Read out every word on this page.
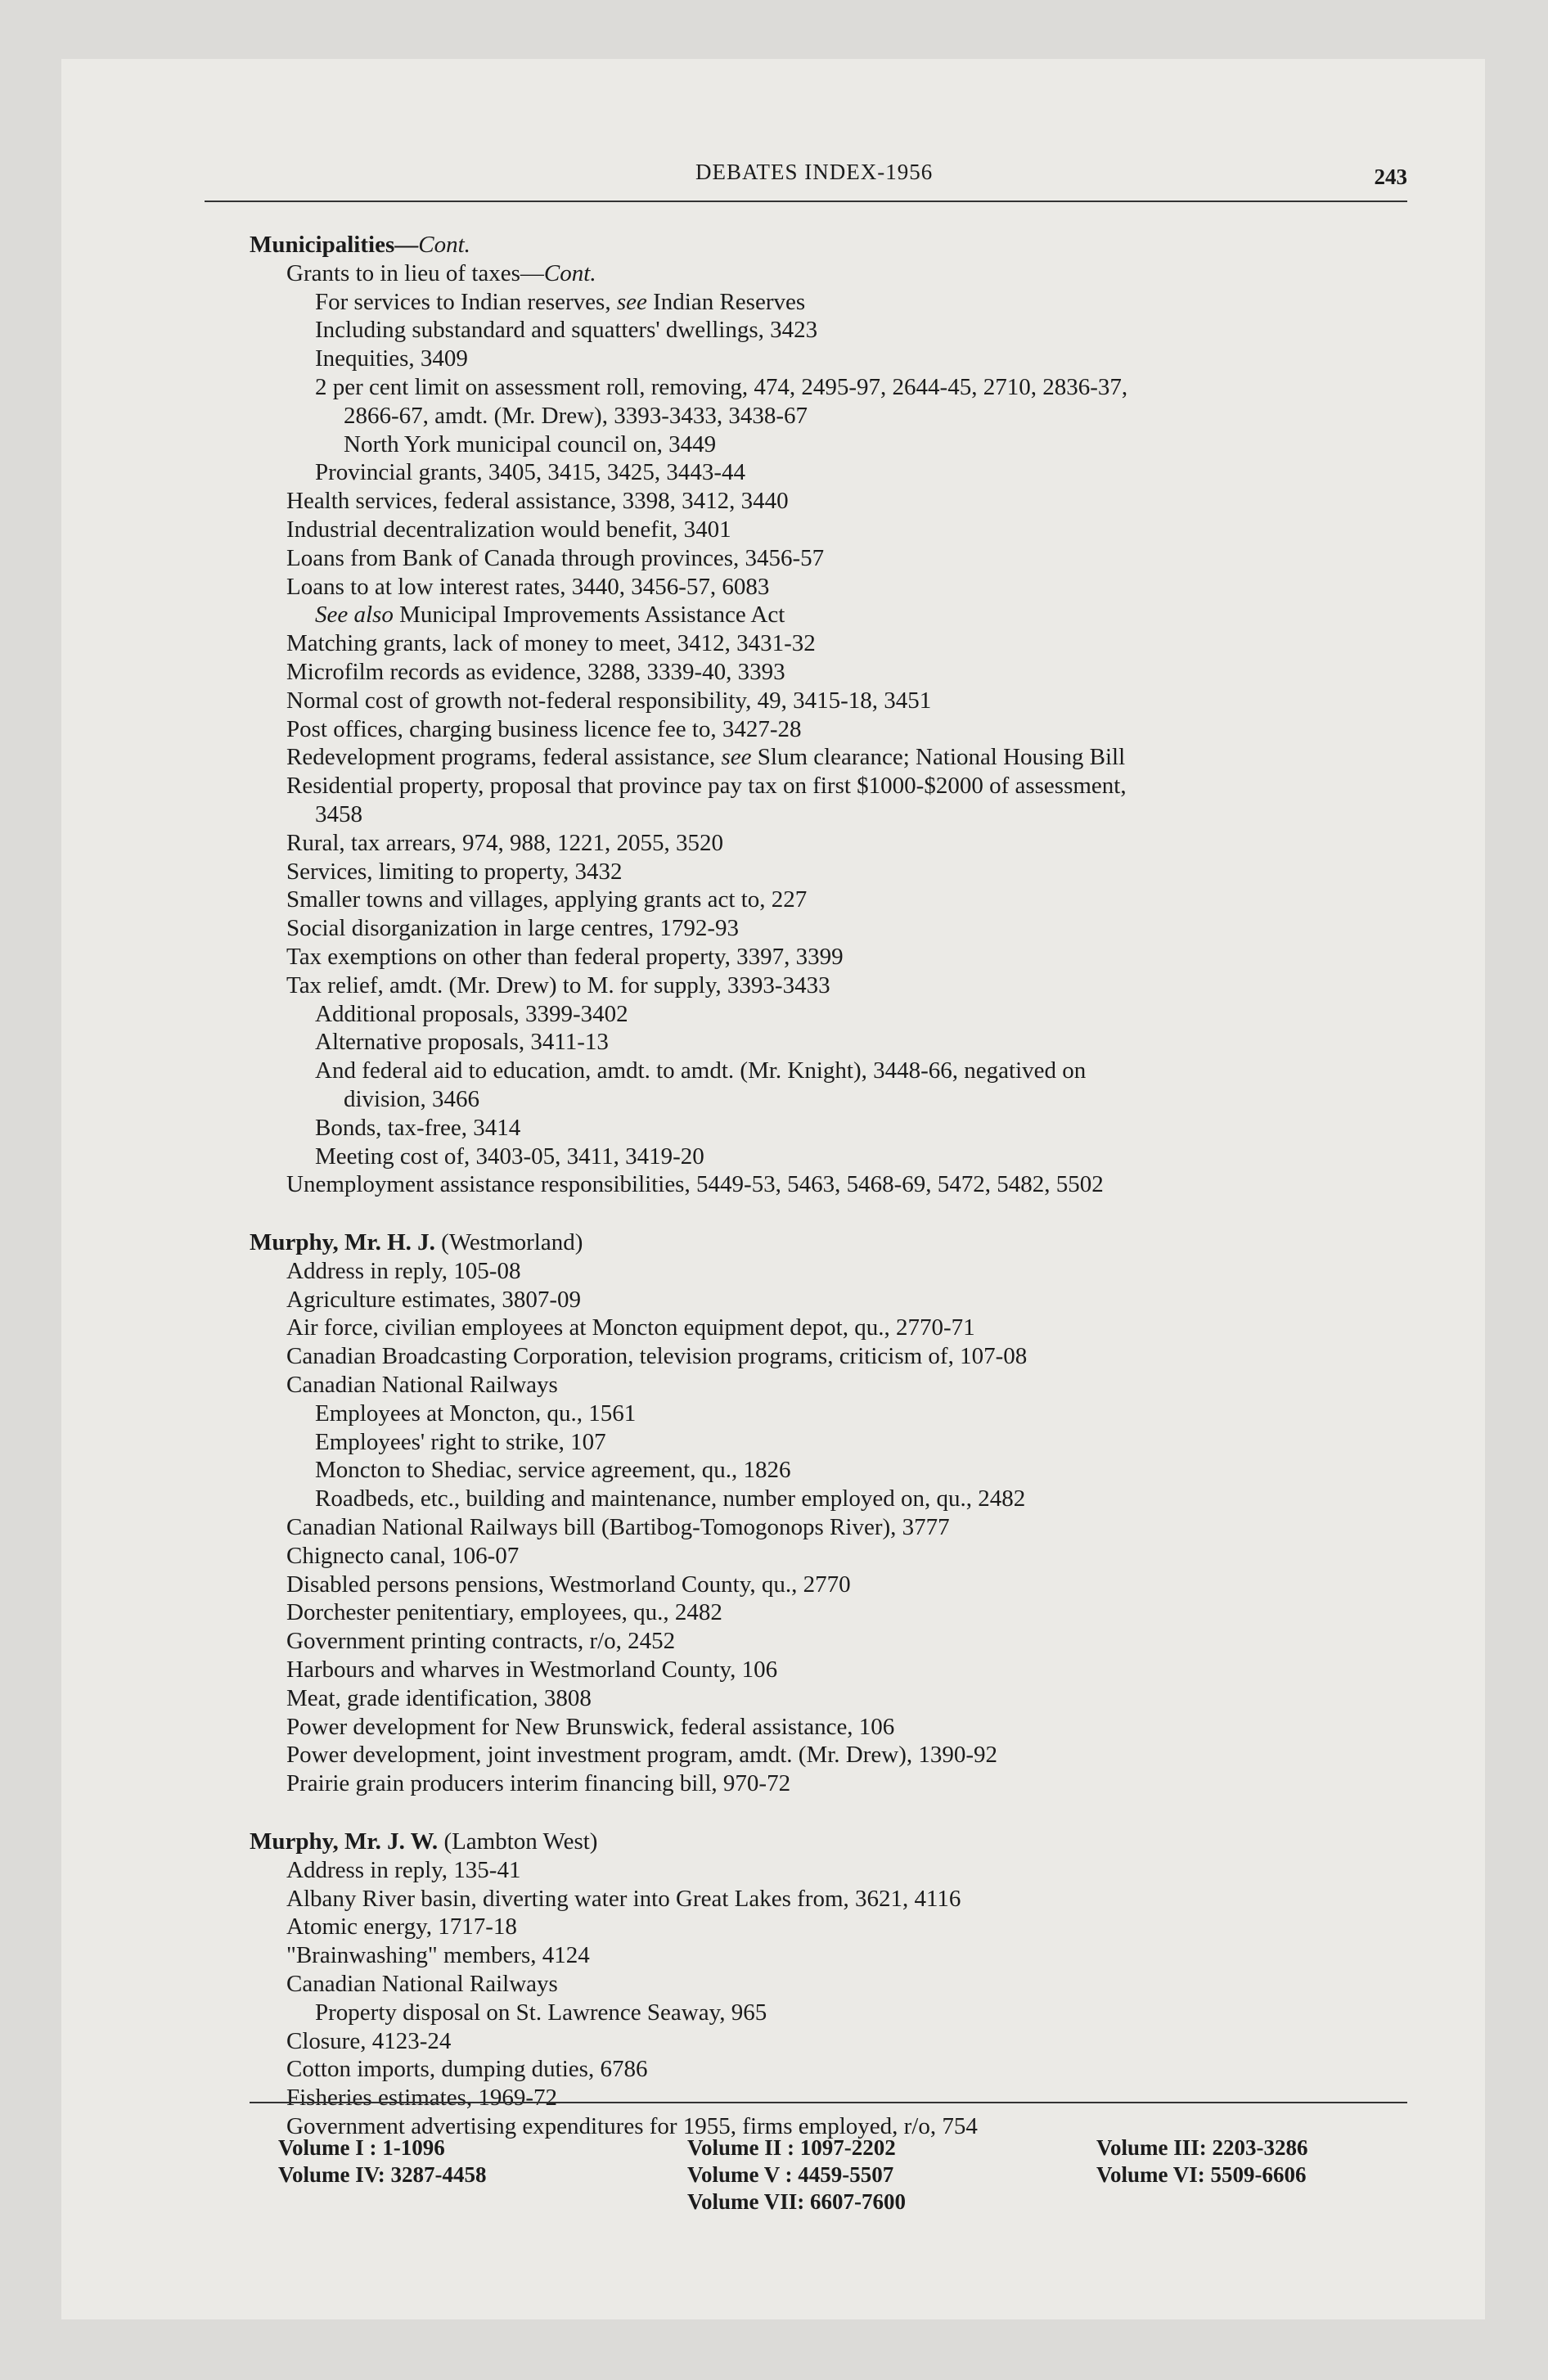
DEBATES INDEX-1956	243
Municipalities—Cont.
Grants to in lieu of taxes—Cont.
For services to Indian reserves, see Indian Reserves
Including substandard and squatters' dwellings, 3423
Inequities, 3409
2 per cent limit on assessment roll, removing, 474, 2495-97, 2644-45, 2710, 2836-37,
2866-67, amdt. (Mr. Drew), 3393-3433, 3438-67
North York municipal council on, 3449
Provincial grants, 3405, 3415, 3425, 3443-44
Health services, federal assistance, 3398, 3412, 3440
Industrial decentralization would benefit, 3401
Loans from Bank of Canada through provinces, 3456-57
Loans to at low interest rates, 3440, 3456-57, 6083
See also Municipal Improvements Assistance Act
Matching grants, lack of money to meet, 3412, 3431-32
Microfilm records as evidence, 3288, 3339-40, 3393
Normal cost of growth not-federal responsibility, 49, 3415-18, 3451
Post offices, charging business licence fee to, 3427-28
Redevelopment programs, federal assistance, see Slum clearance; National Housing Bill
Residential property, proposal that province pay tax on first $1000-$2000 of assessment,
3458
Rural, tax arrears, 974, 988, 1221, 2055, 3520
Services, limiting to property, 3432
Smaller towns and villages, applying grants act to, 227
Social disorganization in large centres, 1792-93
Tax exemptions on other than federal property, 3397, 3399
Tax relief, amdt. (Mr. Drew) to M. for supply, 3393-3433
Additional proposals, 3399-3402
Alternative proposals, 3411-13
And federal aid to education, amdt. to amdt. (Mr. Knight), 3448-66, negatived on
division, 3466
Bonds, tax-free, 3414
Meeting cost of, 3403-05, 3411, 3419-20
Unemployment assistance responsibilities, 5449-53, 5463, 5468-69, 5472, 5482, 5502
Murphy, Mr. H. J. (Westmorland)
Address in reply, 105-08
Agriculture estimates, 3807-09
Air force, civilian employees at Moncton equipment depot, qu., 2770-71
Canadian Broadcasting Corporation, television programs, criticism of, 107-08
Canadian National Railways
Employees at Moncton, qu., 1561
Employees' right to strike, 107
Moncton to Shediac, service agreement, qu., 1826
Roadbeds, etc., building and maintenance, number employed on, qu., 2482
Canadian National Railways bill (Bartibog-Tomogonops River), 3777
Chignecto canal, 106-07
Disabled persons pensions, Westmorland County, qu., 2770
Dorchester penitentiary, employees, qu., 2482
Government printing contracts, r/o, 2452
Harbours and wharves in Westmorland County, 106
Meat, grade identification, 3808
Power development for New Brunswick, federal assistance, 106
Power development, joint investment program, amdt. (Mr. Drew), 1390-92
Prairie grain producers interim financing bill, 970-72
Murphy, Mr. J. W. (Lambton West)
Address in reply, 135-41
Albany River basin, diverting water into Great Lakes from, 3621, 4116
Atomic energy, 1717-18
"Brainwashing" members, 4124
Canadian National Railways
Property disposal on St. Lawrence Seaway, 965
Closure, 4123-24
Cotton imports, dumping duties, 6786
Fisheries estimates, 1969-72
Government advertising expenditures for 1955, firms employed, r/o, 754
Volume I : 1-1096
Volume IV: 3287-4458
Volume II : 1097-2202
Volume V : 4459-5507
Volume VII: 6607-7600
Volume III: 2203-3286
Volume VI: 5509-6606
